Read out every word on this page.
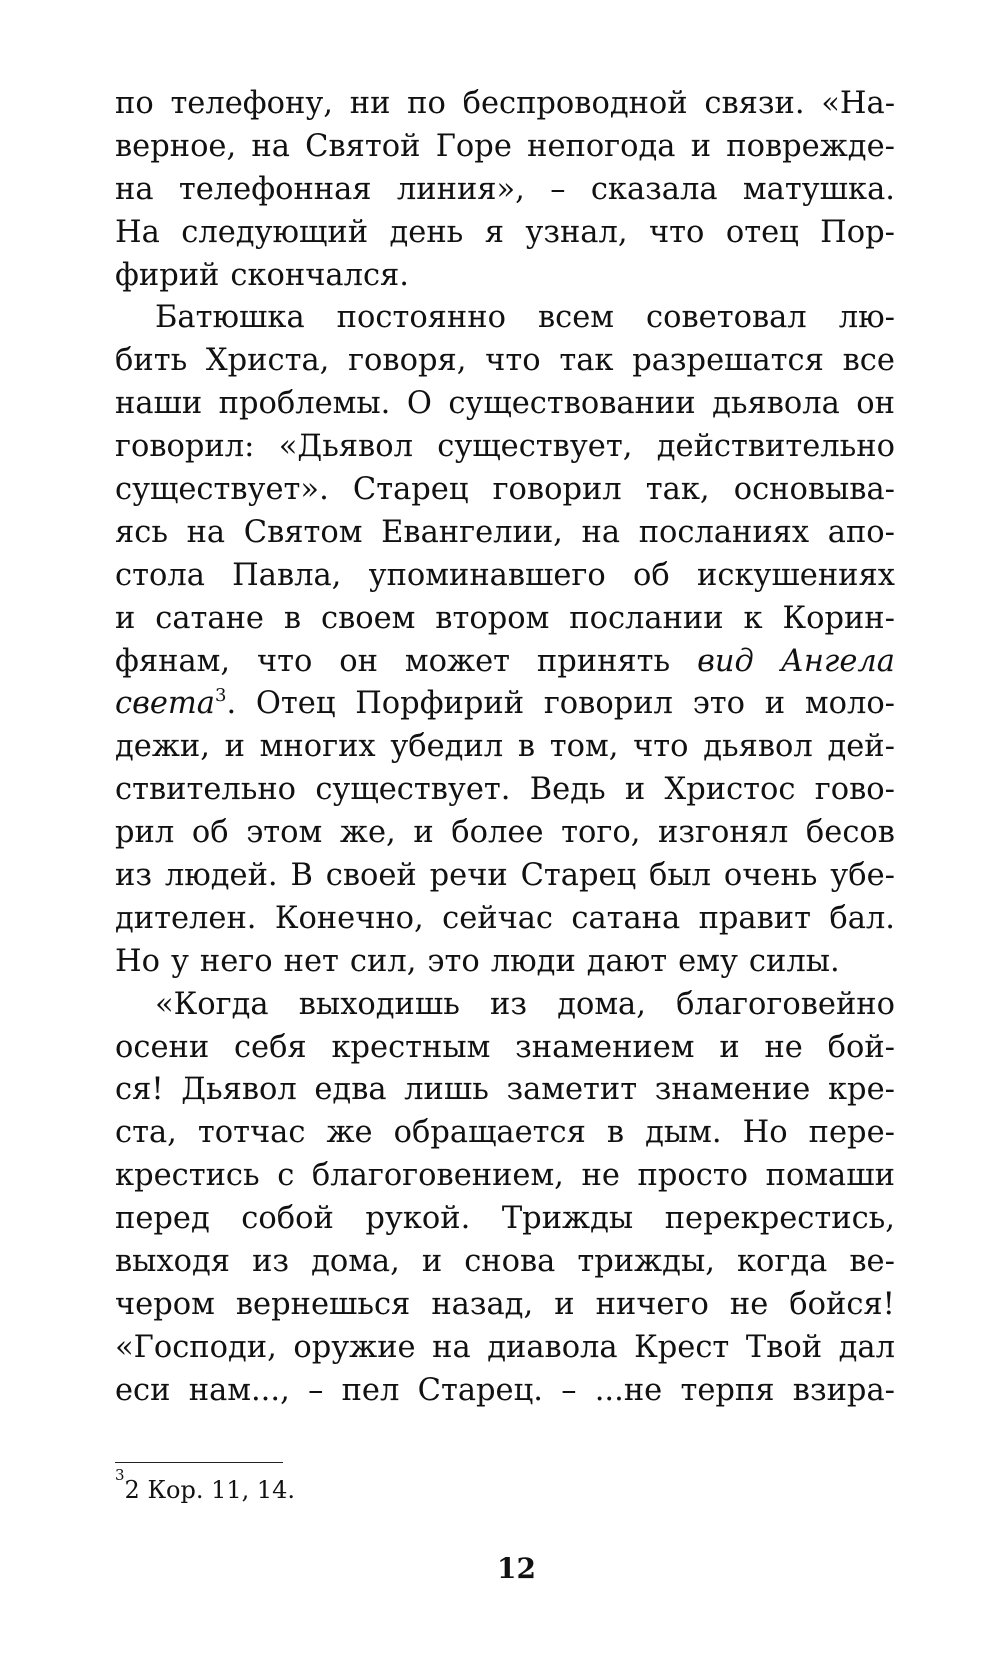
по телефону, ни по беспроводной связи. «На-
верное, на Святой Горе непогода и поврежде-
на телефонная линия», – сказала матушка.
На следующий день я узнал, что отец Пор-
фирий скончался.
Батюшка постоянно всем советовал лю-
бить Христа, говоря, что так разрешатся все
наши проблемы. О существовании дьявола он
говорил: «Дьявол существует, действительно
существует». Старец говорил так, основыва-
ясь на Святом Евангелии, на посланиях апо-
стола Павла, упоминавшего об искушениях
и сатане в своем втором послании к Корин-
фянам, что он может принять вид Ангела
света$^3$. Отец Порфирий говорил это и моло-
дежи, и многих убедил в том, что дьявол дей-
ствительно существует. Ведь и Христос гово-
рил об этом же, и более того, изгонял бесов
из людей. В своей речи Старец был очень убе-
дителен. Конечно, сейчас сатана правит бал.
Но у него нет сил, это люди дают ему силы.
«Когда выходишь из дома, благоговейно
осени себя крестным знамением и не бой-
ся! Дьявол едва лишь заметит знамение кре-
ста, тотчас же обращается в дым. Но пере-
крестись с благоговением, не просто помаши
перед собой рукой. Трижды перекрестись,
выходя из дома, и снова трижды, когда ве-
чером вернешься назад, и ничего не бойся!
«Господи, оружие на диавола Крест Твой дал
еси нам..., – пел Старец. – ...не терпя взира-
$^3$2 Кор. 11, 14.
12
